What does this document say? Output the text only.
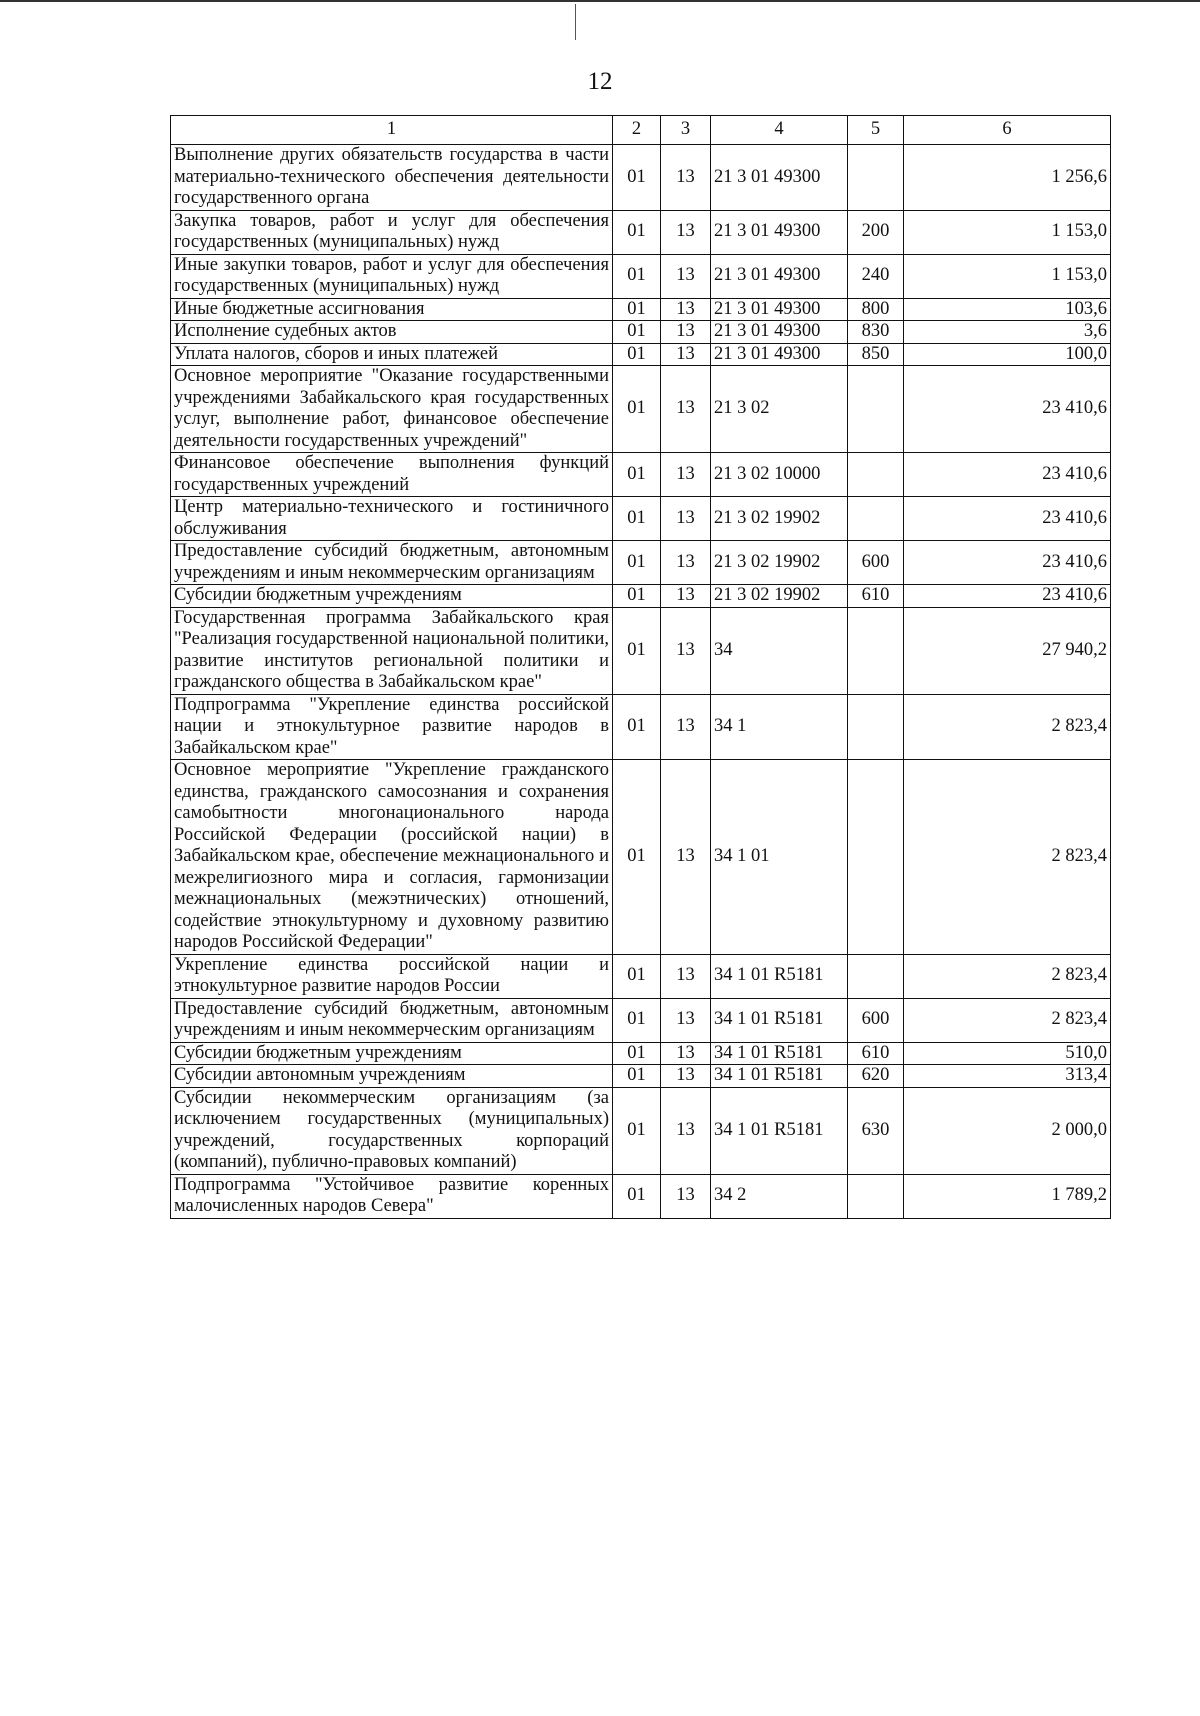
12
1	2	3	4	5	6
Выполнение других обязательств государства в части материально-технического обеспечения деятельности государственного органа	01	13	21 3 01 49300		1 256,6
Закупка товаров, работ и услуг для обеспечения государственных (муниципальных) нужд	01	13	21 3 01 49300	200	1 153,0
Иные закупки товаров, работ и услуг для обеспечения государственных (муниципальных) нужд	01	13	21 3 01 49300	240	1 153,0
Иные бюджетные ассигнования	01	13	21 3 01 49300	800	103,6
Исполнение судебных актов	01	13	21 3 01 49300	830	3,6
Уплата налогов, сборов и иных платежей	01	13	21 3 01 49300	850	100,0
Основное мероприятие "Оказание государственными учреждениями Забайкальского края государственных услуг, выполнение работ, финансовое обеспечение деятельности государственных учреждений"	01	13	21 3 02		23 410,6
Финансовое обеспечение выполнения функций государственных учреждений	01	13	21 3 02 10000		23 410,6
Центр материально-технического и гостиничного обслуживания	01	13	21 3 02 19902		23 410,6
Предоставление субсидий бюджетным, автономным учреждениям и иным некоммерческим организациям	01	13	21 3 02 19902	600	23 410,6
Субсидии бюджетным учреждениям	01	13	21 3 02 19902	610	23 410,6
Государственная программа Забайкальского края "Реализация государственной национальной политики, развитие институтов региональной политики и гражданского общества в Забайкальском крае"	01	13	34		27 940,2
Подпрограмма "Укрепление единства российской нации и этнокультурное развитие народов в Забайкальском крае"	01	13	34 1		2 823,4
Основное мероприятие "Укрепление гражданского единства, гражданского самосознания и сохранения самобытности многонационального народа Российской Федерации (российской нации) в Забайкальском крае, обеспечение межнационального и межрелигиозного мира и согласия, гармонизации межнациональных (межэтнических) отношений, содействие этнокультурному и духовному развитию народов Российской Федерации"	01	13	34 1 01		2 823,4
Укрепление единства российской нации и этнокультурное развитие народов России	01	13	34 1 01 R5181		2 823,4
Предоставление субсидий бюджетным, автономным учреждениям и иным некоммерческим организациям	01	13	34 1 01 R5181	600	2 823,4
Субсидии бюджетным учреждениям	01	13	34 1 01 R5181	610	510,0
Субсидии автономным учреждениям	01	13	34 1 01 R5181	620	313,4
Субсидии некоммерческим организациям (за исключением государственных (муниципальных) учреждений, государственных корпораций (компаний), публично-правовых компаний)	01	13	34 1 01 R5181	630	2 000,0
Подпрограмма "Устойчивое развитие коренных малочисленных народов Севера"	01	13	34 2		1 789,2
